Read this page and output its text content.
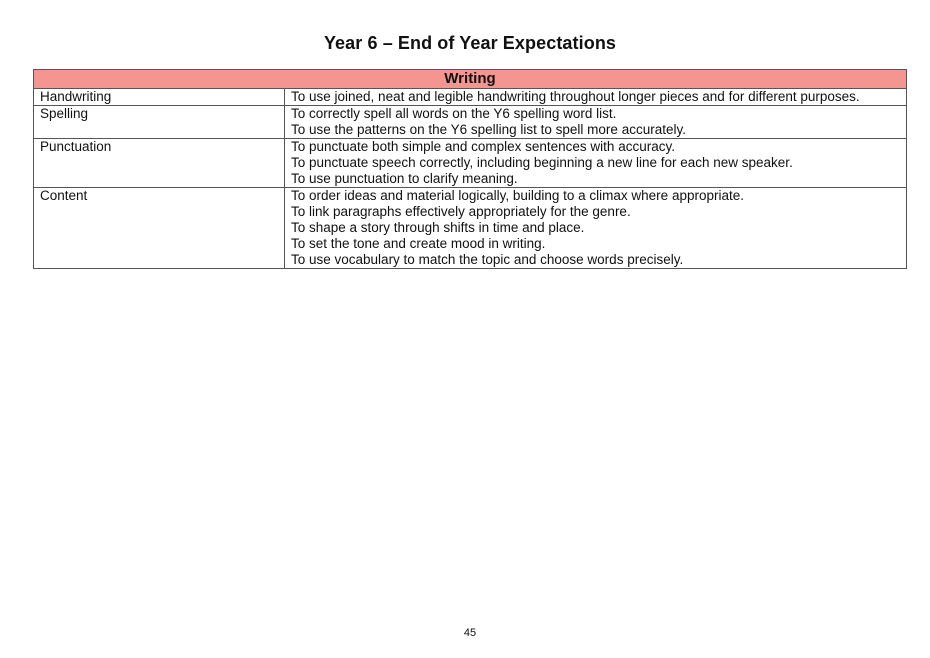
Year 6 – End of Year Expectations
Writing	
Handwriting	To use joined, neat and legible handwriting throughout longer pieces and for different purposes.

Spelling	To correctly spell all words on the Y6 spelling word list.
To use the patterns on the Y6 spelling list to spell more accurately.

Punctuation	To punctuate both simple and complex sentences with accuracy.
To punctuate speech correctly, including beginning a new line for each new speaker.
To use punctuation to clarify meaning.

Content	To order ideas and material logically, building to a climax where appropriate.
To link paragraphs effectively appropriately for the genre.
To shape a story through shifts in time and place.
To set the tone and create mood in writing.
To use vocabulary to match the topic and choose words precisely.
45
